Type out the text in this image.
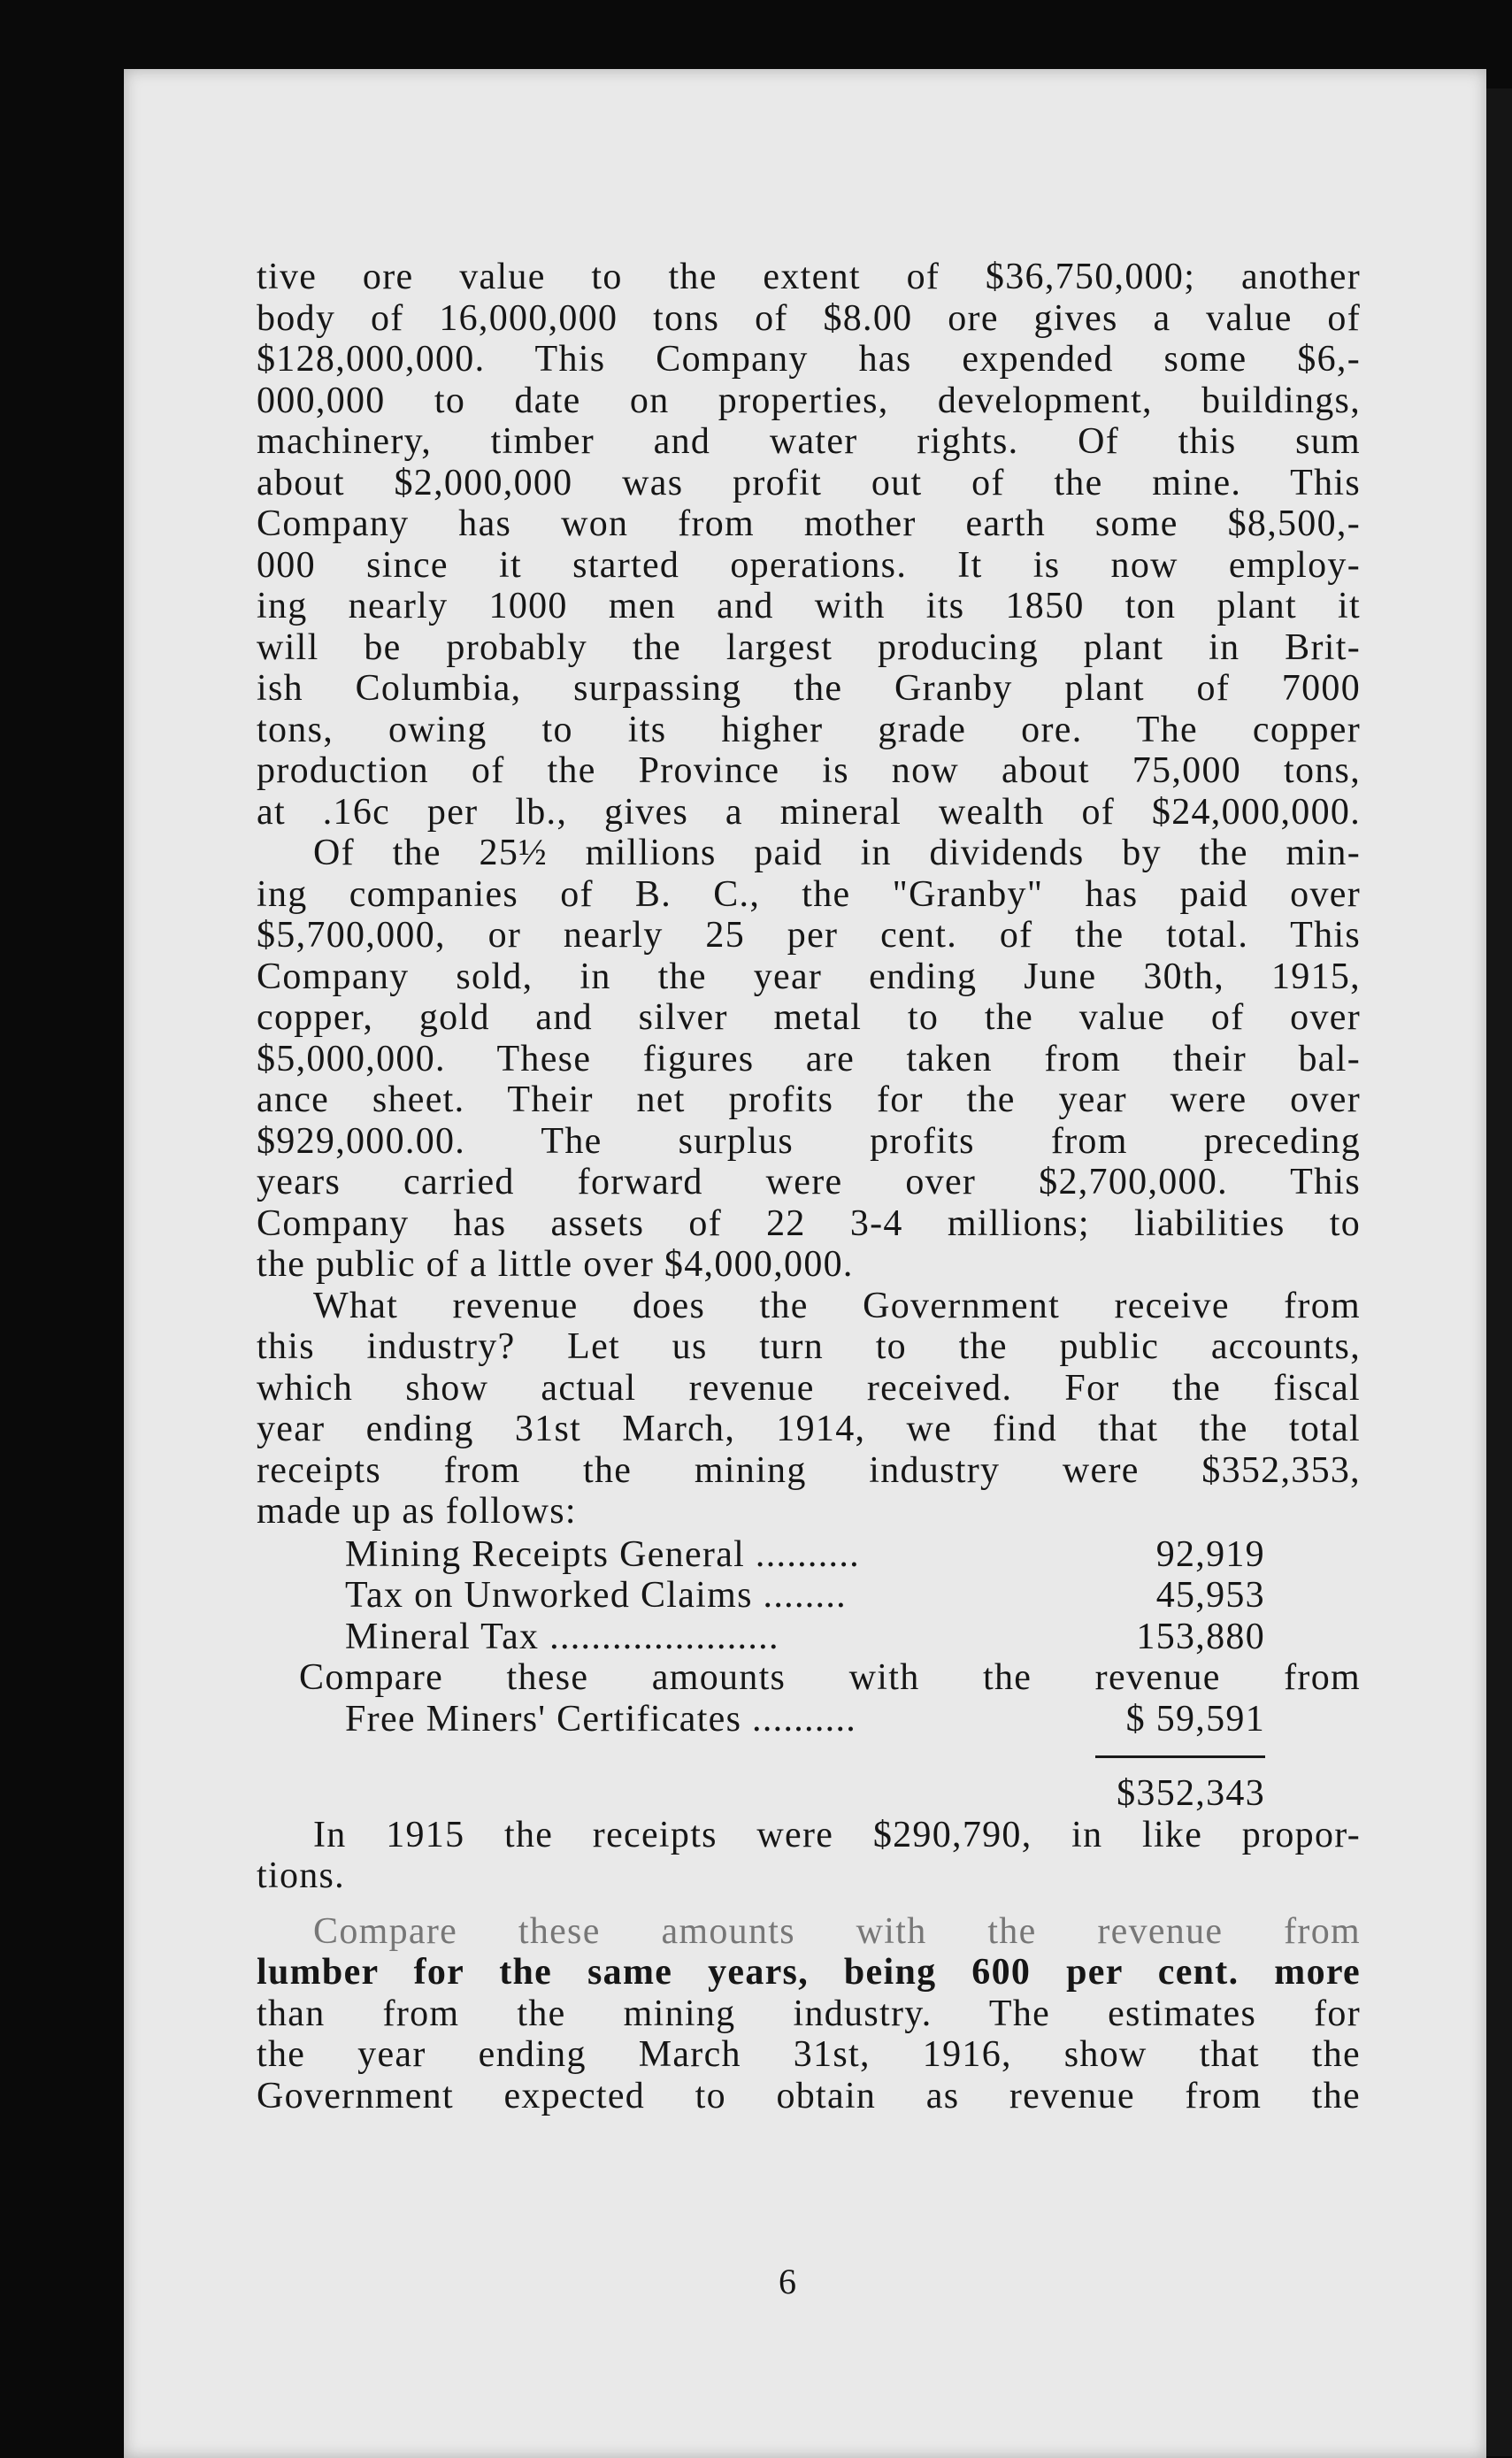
tive ore value to the extent of $36,750,000; another
body of 16,000,000 tons of $8.00 ore gives a value of
$128,000,000. This Company has expended some $6,-
000,000 to date on properties, development, buildings,
machinery, timber and water rights. Of this sum
about $2,000,000 was profit out of the mine. This
Company has won from mother earth some $8,500,-
000 since it started operations. It is now employ-
ing nearly 1000 men and with its 1850 ton plant it
will be probably the largest producing plant in Brit-
ish Columbia, surpassing the Granby plant of 7000
tons, owing to its higher grade ore. The copper
production of the Province is now about 75,000 tons,
at .16c per lb., gives a mineral wealth of $24,000,000.
Of the 25½ millions paid in dividends by the min-
ing companies of B. C., the "Granby" has paid over
$5,700,000, or nearly 25 per cent. of the total. This
Company sold, in the year ending June 30th, 1915,
copper, gold and silver metal to the value of over
$5,000,000. These figures are taken from their bal-
ance sheet. Their net profits for the year were over
$929,000.00. The surplus profits from preceding
years carried forward were over $2,700,000. This
Company has assets of 22 3-4 millions; liabilities to
the public of a little over $4,000,000.
What revenue does the Government receive from
this industry? Let us turn to the public accounts,
which show actual revenue received. For the fiscal
year ending 31st March, 1914, we find that the total
receipts from the mining industry were $352,353,
made up as follows:
Mining Receipts General ..........	92,919
Tax on Unworked Claims ........	45,953
Mineral Tax ......................	153,880
Compare these amounts with the revenue from
Free Miners' Certificates ..........	$ 59,591
$352,343
In 1915 the receipts were $290,790, in like propor-
tions.
Compare these amounts with the revenue from
lumber for the same years, being 600 per cent. more
than from the mining industry. The estimates for
the year ending March 31st, 1916, show that the
Government expected to obtain as revenue from the
6
